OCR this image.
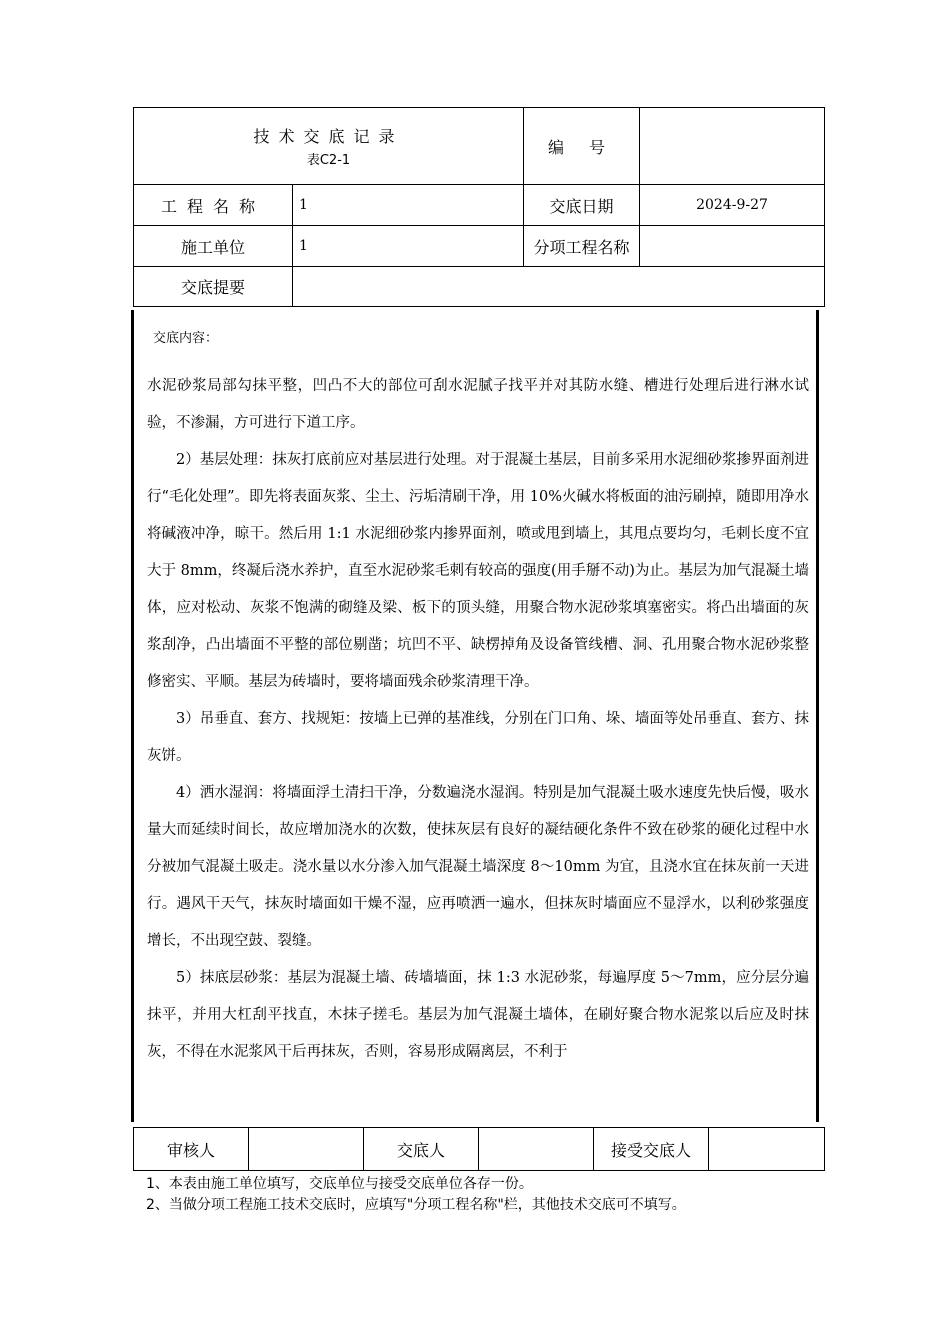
技术交底记录
表C2-1		编 号	
工程名称	1	交底日期	2024-9-27
施工单位	1	分项工程名称	
交底提要			
交底内容：
水泥砂浆局部勾抹平整，凹凸不大的部位可刮水泥腻子找平并对其防水缝、槽进行处理后进行淋水试验，不渗漏，方可进行下道工序。
2）基层处理：抹灰打底前应对基层进行处理。对于混凝土基层，目前多采用水泥细砂浆掺界面剂进行“毛化处理”。即先将表面灰浆、尘土、污垢清刷干净，用 10%火碱水将板面的油污刷掉，随即用净水将碱液冲净，晾干。然后用 1:1 水泥细砂浆内掺界面剂，喷或甩到墙上，其甩点要均匀，毛刺长度不宜大于 8mm，终凝后浇水养护，直至水泥砂浆毛刺有较高的强度(用手掰不动)为止。基层为加气混凝土墙体，应对松动、灰浆不饱满的砌缝及梁、板下的顶头缝，用聚合物水泥砂浆填塞密实。将凸出墙面的灰浆刮净，凸出墙面不平整的部位剔凿；坑凹不平、缺楞掉角及设备管线槽、洞、孔用聚合物水泥砂浆整修密实、平顺。基层为砖墙时，要将墙面残余砂浆清理干净。
3）吊垂直、套方、找规矩：按墙上已弹的基准线，分别在门口角、垛、墙面等处吊垂直、套方、抹灰饼。
4）洒水湿润：将墙面浮土清扫干净，分数遍浇水湿润。特别是加气混凝土吸水速度先快后慢，吸水量大而延续时间长，故应增加浇水的次数，使抹灰层有良好的凝结硬化条件不致在砂浆的硬化过程中水分被加气混凝土吸走。浇水量以水分渗入加气混凝土墙深度 8～10mm 为宜，且浇水宜在抹灰前一天进行。遇风干天气，抹灰时墙面如干燥不湿，应再喷洒一遍水，但抹灰时墙面应不显浮水，以利砂浆强度增长，不出现空鼓、裂缝。
5）抹底层砂浆：基层为混凝土墙、砖墙墙面，抹 1:3 水泥砂浆，每遍厚度 5～7mm，应分层分遍抹平，并用大杠刮平找直，木抹子搓毛。基层为加气混凝土墙体，在刷好聚合物水泥浆以后应及时抹灰，不得在水泥浆风干后再抹灰，否则，容易形成隔离层，不利于
审核人		交底人		接受交底人	
1、本表由施工单位填写，交底单位与接受交底单位各存一份。
2、当做分项工程施工技术交底时，应填写"分项工程名称"栏，其他技术交底可不填写。
